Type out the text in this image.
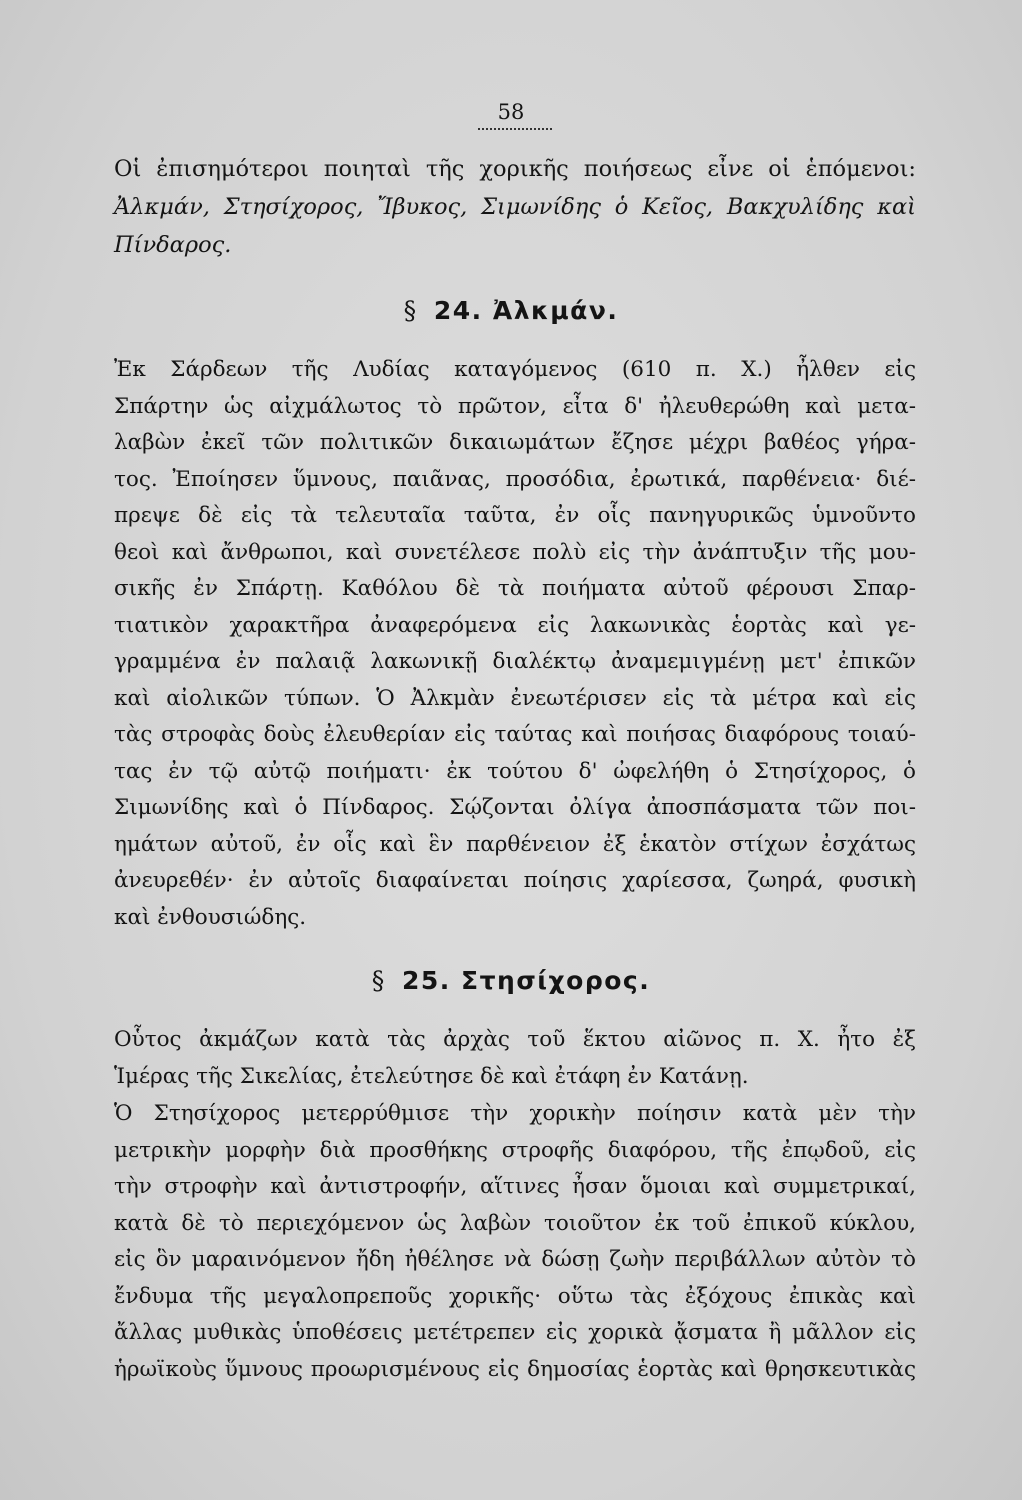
58
Οἱ ἐπισημότεροι ποιηταὶ τῆς χορικῆς ποιήσεως εἶνε οἱ ἑπόμενοι:
Ἀλκμάν, Στησίχορος, Ἴβυκος, Σιμωνίδης ὁ Κεῖος, Βακχυλίδης καὶ
Πίνδαρος.
§ 24. Ἀλκμάν.
Ἐκ Σάρδεων τῆς Λυδίας καταγόμενος (610 π. Χ.) ἦλθεν εἰς
Σπάρτην ὡς αἰχμάλωτος τὸ πρῶτον, εἶτα δ' ἠλευθερώθη καὶ μετα-
λαβὼν ἐκεῖ τῶν πολιτικῶν δικαιωμάτων ἔζησε μέχρι βαθέος γήρα-
τος. Ἐποίησεν ὕμνους, παιᾶνας, προσόδια, ἐρωτικά, παρθένεια· διέ-
πρεψε δὲ εἰς τὰ τελευταῖα ταῦτα, ἐν οἷς πανηγυρικῶς ὑμνοῦντο
θεοὶ καὶ ἄνθρωποι, καὶ συνετέλεσε πολὺ εἰς τὴν ἀνάπτυξιν τῆς μου-
σικῆς ἐν Σπάρτῃ. Καθόλου δὲ τὰ ποιήματα αὐτοῦ φέρουσι Σπαρ-
τιατικὸν χαρακτῆρα ἀναφερόμενα εἰς λακωνικὰς ἑορτὰς καὶ γε-
γραμμένα ἐν παλαιᾷ λακωνικῇ διαλέκτῳ ἀναμεμιγμένῃ μετ' ἐπικῶν
καὶ αἰολικῶν τύπων. Ὁ Ἀλκμὰν ἐνεωτέρισεν εἰς τὰ μέτρα καὶ εἰς
τὰς στροφὰς δοὺς ἐλευθερίαν εἰς ταύτας καὶ ποιήσας διαφόρους τοιαύ-
τας ἐν τῷ αὐτῷ ποιήματι· ἐκ τούτου δ' ὠφελήθη ὁ Στησίχορος, ὁ
Σιμωνίδης καὶ ὁ Πίνδαρος. Σῴζονται ὀλίγα ἀποσπάσματα τῶν ποι-
ημάτων αὐτοῦ, ἐν οἷς καὶ ἓν παρθένειον ἐξ ἑκατὸν στίχων ἐσχάτως
ἀνευρεθέν· ἐν αὐτοῖς διαφαίνεται ποίησις χαρίεσσα, ζωηρά, φυσικὴ
καὶ ἐνθουσιώδης.
§ 25. Στησίχορος.
Οὗτος ἀκμάζων κατὰ τὰς ἀρχὰς τοῦ ἕκτου αἰῶνος π. Χ. ἦτο ἐξ
Ἱμέρας τῆς Σικελίας, ἐτελεύτησε δὲ καὶ ἐτάφη ἐν Κατάνῃ.
Ὁ Στησίχορος μετερρύθμισε τὴν χορικὴν ποίησιν κατὰ μὲν τὴν
μετρικὴν μορφὴν διὰ προσθήκης στροφῆς διαφόρου, τῆς ἐπῳδοῦ, εἰς
τὴν στροφὴν καὶ ἀντιστροφήν, αἵτινες ἦσαν ὅμοιαι καὶ συμμετρικαί,
κατὰ δὲ τὸ περιεχόμενον ὡς λαβὼν τοιοῦτον ἐκ τοῦ ἐπικοῦ κύκλου,
εἰς ὃν μαραινόμενον ἤδη ἠθέλησε νὰ δώσῃ ζωὴν περιβάλλων αὐτὸν τὸ
ἔνδυμα τῆς μεγαλοπρεποῦς χορικῆς· οὕτω τὰς ἐξόχους ἐπικὰς καὶ
ἄλλας μυθικὰς ὑποθέσεις μετέτρεπεν εἰς χορικὰ ᾄσματα ἢ μᾶλλον εἰς
ἡρωϊκοὺς ὕμνους προωρισμένους εἰς δημοσίας ἑορτὰς καὶ θρησκευτικὰς
